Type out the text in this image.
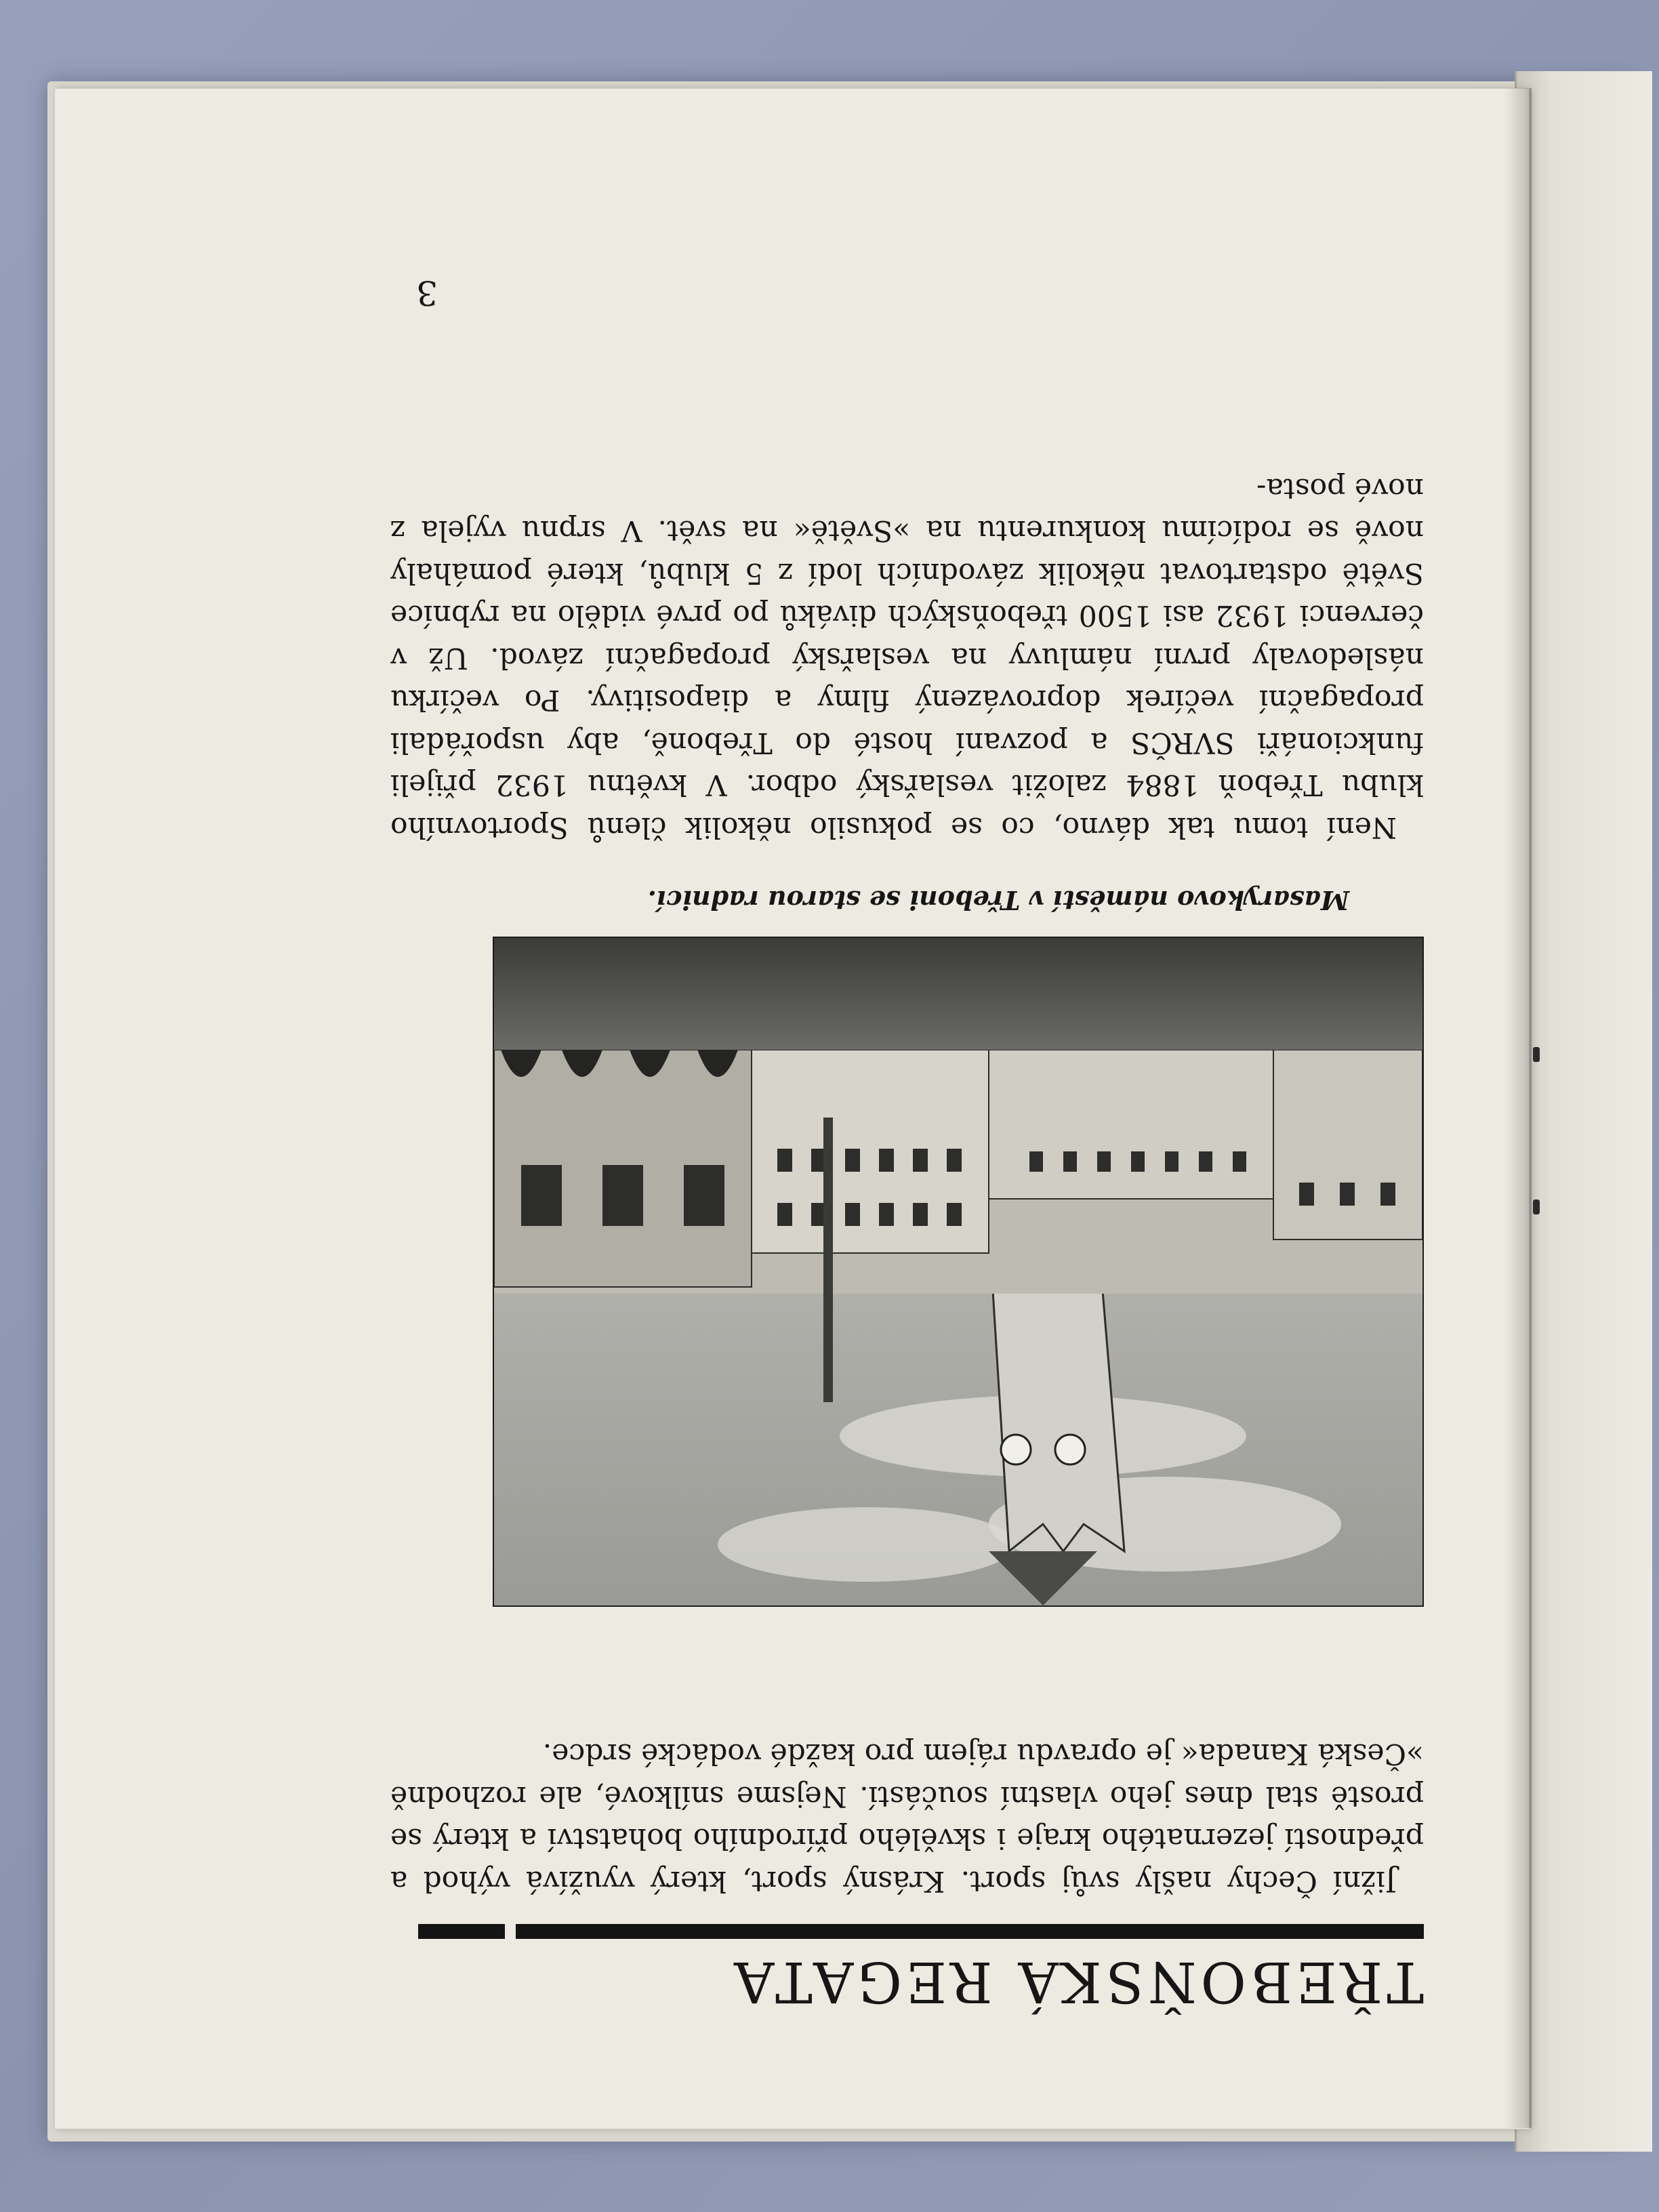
TŘEBOŇSKÁ REGATA

Jižní Čechy našly svůj sport. Krásný sport, který využívá výhod a předností jezernatého kraje i skvělého přírodního bohatství a který se prostě stal dnes jeho vlastní součástí. Nejsme snílkové, ale rozhodně »Česká Kanada« je opravdu rájem pro každé vodácké srdce.

Masarykovo náměstí v Třeboni se starou radnicí.

Není tomu tak dávno, co se pokusilo několik členů Sportovního klubu Třeboň 1884 založit veslařský odbor. V květnu 1932 přijeli funkcionáři SVRČS a pozvaní hosté do Třeboně, aby uspořádali propagační večírek doprovázený filmy a diapositivy. Po večírku následovaly první námluvy na veslařský propagační závod. Už v červenci 1932 asi 1500 třeboňských diváků po prvé vidělo na rybníce Světě odstartovat několik závodních lodí z 5 klubů, které pomáhaly nově se rodícímu konkurentu na »Světě« na svět. V srpnu vyjela z nové posta-

3
